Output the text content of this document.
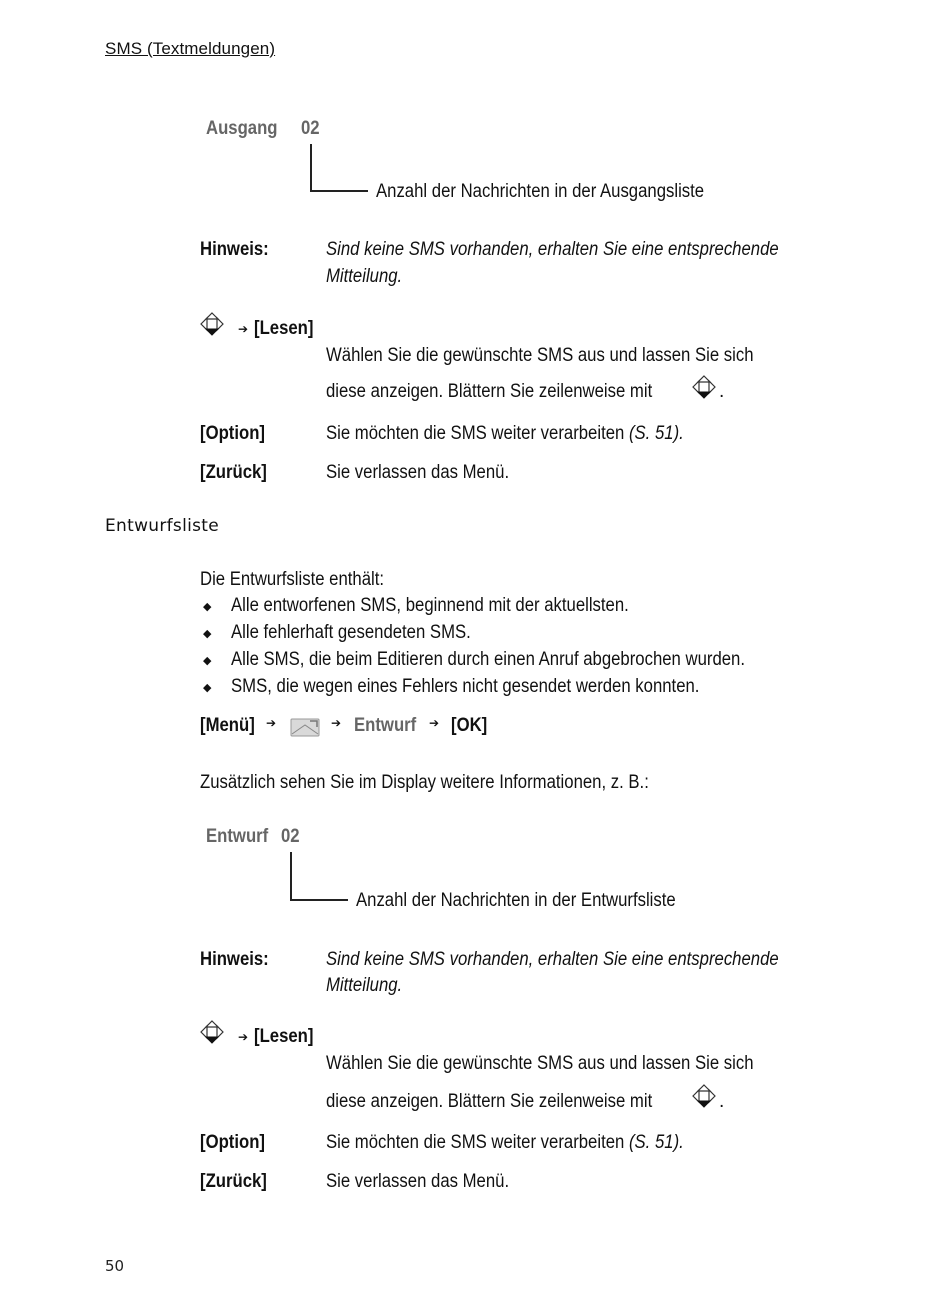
SMS (Textmeldungen)
Ausgang	02
Anzahl der Nachrichten in der Ausgangsliste
Hinweis:	Sind keine SMS vorhanden, erhalten Sie eine entsprechende
Mitteilung.
➔ [Lesen]
Wählen Sie die gewünschte SMS aus und lassen Sie sich
diese anzeigen. Blättern Sie zeilenweise mit	.
[Option]	Sie möchten die SMS weiter verarbeiten (S. 51).
[Zurück]	Sie verlassen das Menü.
Entwurfsliste
Die Entwurfsliste enthält:
◆ Alle entworfenen SMS, beginnend mit der aktuellsten.
◆ Alle fehlerhaft gesendeten SMS.
◆ Alle SMS, die beim Editieren durch einen Anruf abgebrochen wurden.
◆ SMS, die wegen eines Fehlers nicht gesendet werden konnten.
[Menü] ➔	➔ Entwurf	➔ [OK]
Zusätzlich sehen Sie im Display weitere Informationen, z. B.:
Entwurf 02
Anzahl der Nachrichten in der Entwurfsliste
Hinweis:	Sind keine SMS vorhanden, erhalten Sie eine entsprechende
Mitteilung.
➔ [Lesen]
Wählen Sie die gewünschte SMS aus und lassen Sie sich
diese anzeigen. Blättern Sie zeilenweise mit	.
[Option]	Sie möchten die SMS weiter verarbeiten (S. 51).
[Zurück]	Sie verlassen das Menü.
50
